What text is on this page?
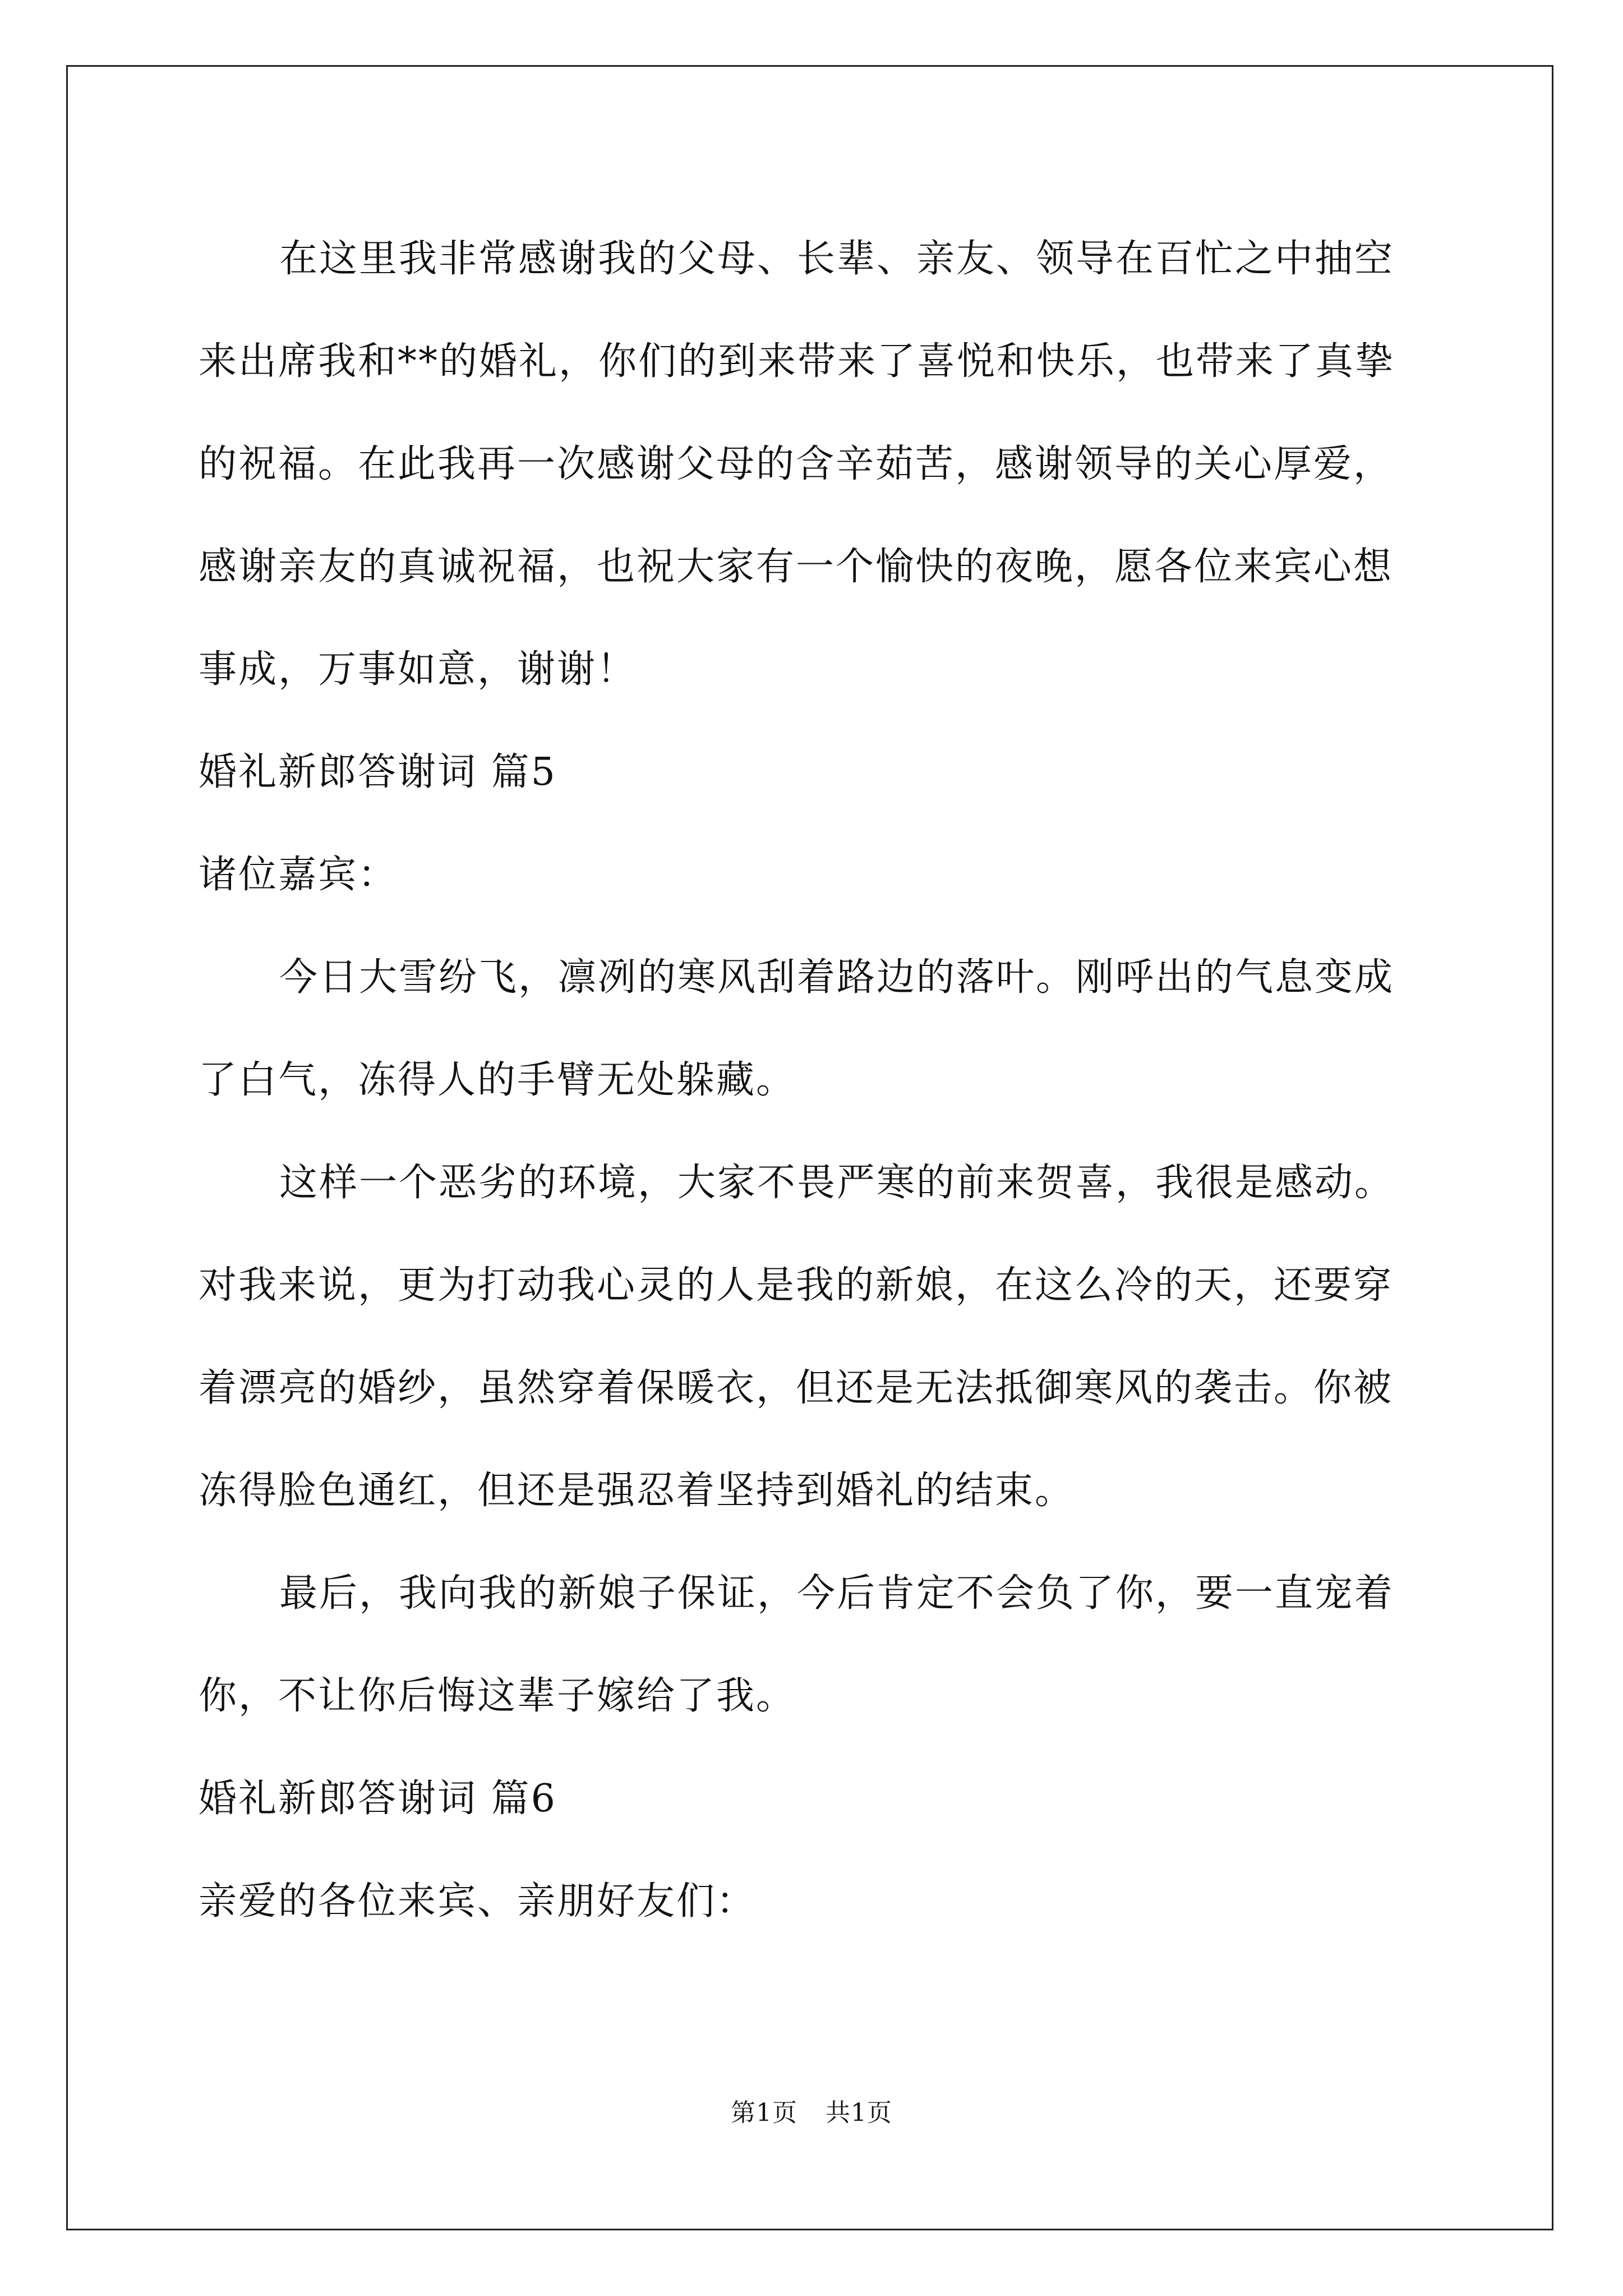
在这里我非常感谢我的父母、长辈、亲友、领导在百忙之中抽空

来出席我和**的婚礼，你们的到来带来了喜悦和快乐，也带来了真挚

的祝福。在此我再一次感谢父母的含辛茹苦，感谢领导的关心厚爱，

感谢亲友的真诚祝福，也祝大家有一个愉快的夜晚，愿各位来宾心想

事成，万事如意，谢谢！

婚礼新郎答谢词 篇5

诸位嘉宾：

今日大雪纷飞，凛冽的寒风刮着路边的落叶。刚呼出的气息变成

了白气，冻得人的手臂无处躲藏。

这样一个恶劣的环境，大家不畏严寒的前来贺喜，我很是感动。

对我来说，更为打动我心灵的人是我的新娘，在这么冷的天，还要穿

着漂亮的婚纱，虽然穿着保暖衣，但还是无法抵御寒风的袭击。你被

冻得脸色通红，但还是强忍着坚持到婚礼的结束。

最后，我向我的新娘子保证，今后肯定不会负了你，要一直宠着

你，不让你后悔这辈子嫁给了我。

婚礼新郎答谢词 篇6

亲爱的各位来宾、亲朋好友们：

第1页 共1页
